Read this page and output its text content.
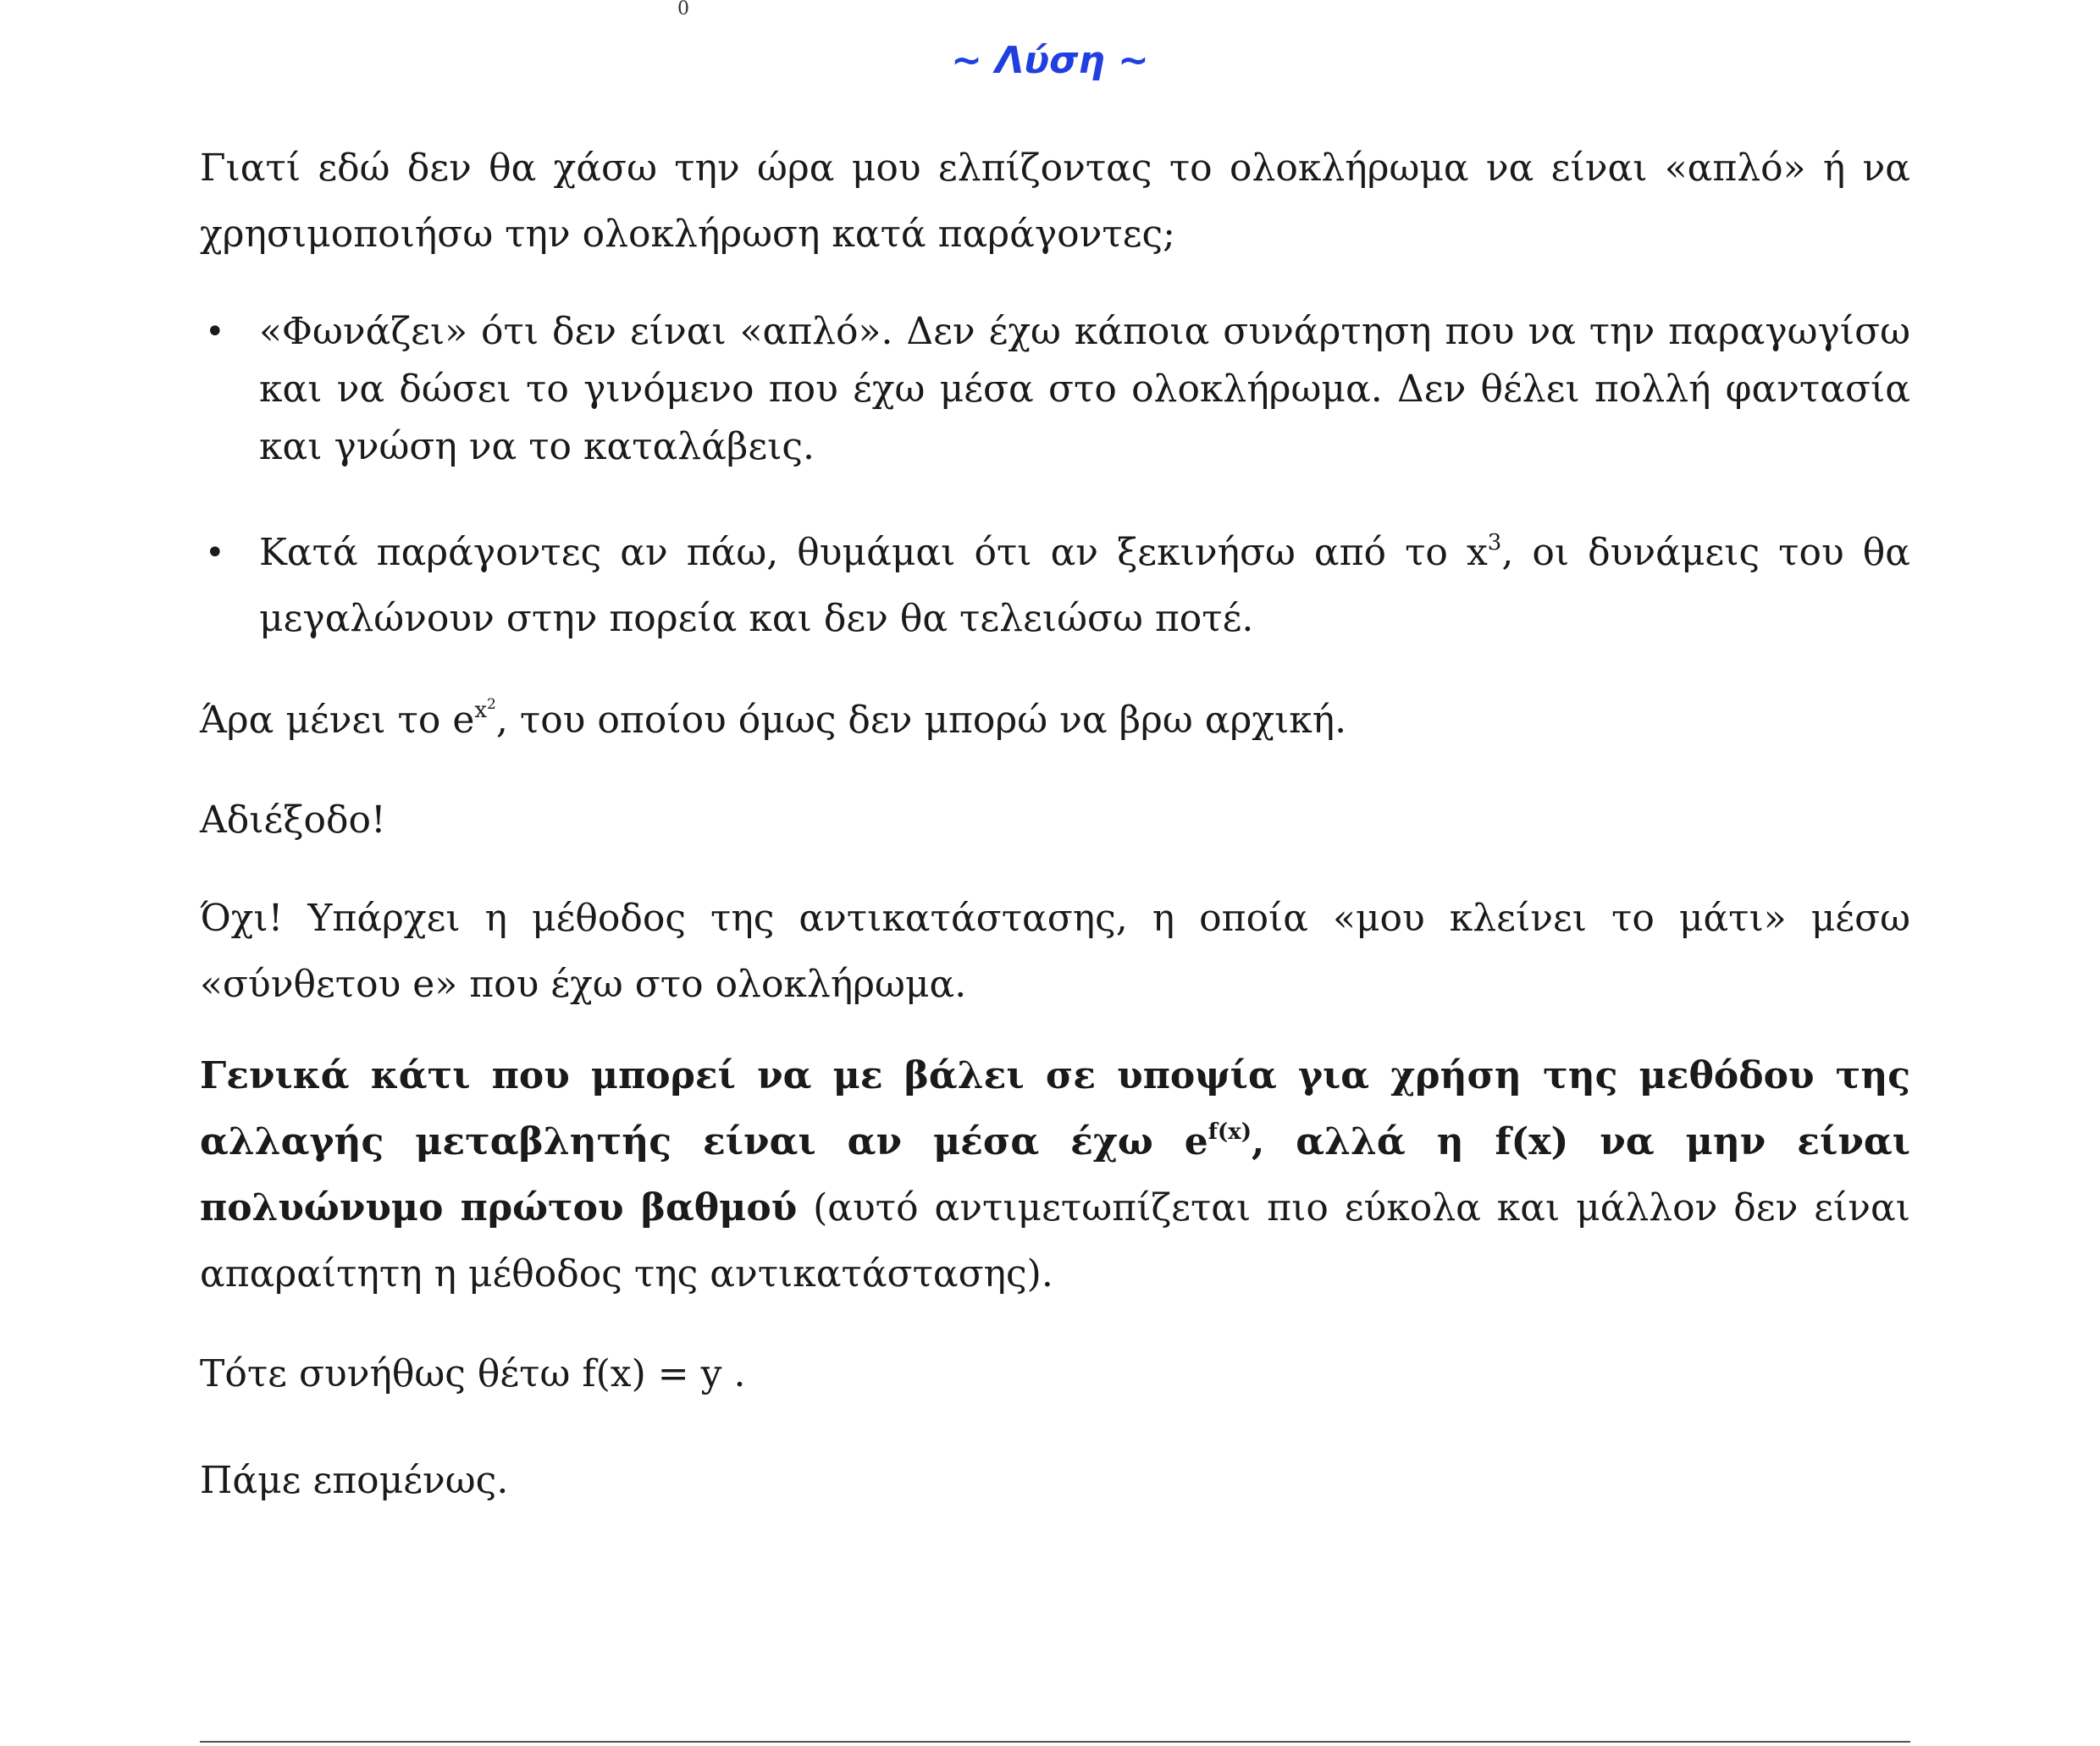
0
~ Λύση ~

Γιατί εδώ δεν θα χάσω την ώρα μου ελπίζοντας το ολοκλήρωμα να είναι «απλό» ή να χρησιμοποιήσω την ολοκλήρωση κατά παράγοντες;

• «Φωνάζει» ότι δεν είναι «απλό». Δεν έχω κάποια συνάρτηση που να την παραγωγίσω και να δώσει το γινόμενο που έχω μέσα στο ολοκλήρωμα. Δεν θέλει πολλή φαντασία και γνώση να το καταλάβεις.
• Κατά παράγοντες αν πάω, θυμάμαι ότι αν ξεκινήσω από το $x^3$, οι δυνάμεις του θα μεγαλώνουν στην πορεία και δεν θα τελειώσω ποτέ.

Άρα μένει το $e^{x^2}$, του οποίου όμως δεν μπορώ να βρω αρχική.

Αδιέξοδο!

Όχι! Υπάρχει η μέθοδος της αντικατάστασης, η οποία «μου κλείνει το μάτι» μέσω «σύνθετου e» που έχω στο ολοκλήρωμα.

Γενικά κάτι που μπορεί να με βάλει σε υποψία για χρήση της μεθόδου της αλλαγής μεταβλητής είναι αν μέσα έχω $e^{f(x)}$, αλλά η f(x) να μην είναι πολυώνυμο πρώτου βαθμού (αυτό αντιμετωπίζεται πιο εύκολα και μάλλον δεν είναι απαραίτητη η μέθοδος της αντικατάστασης).

Τότε συνήθως θέτω f(x) = y .

Πάμε επομένως.
